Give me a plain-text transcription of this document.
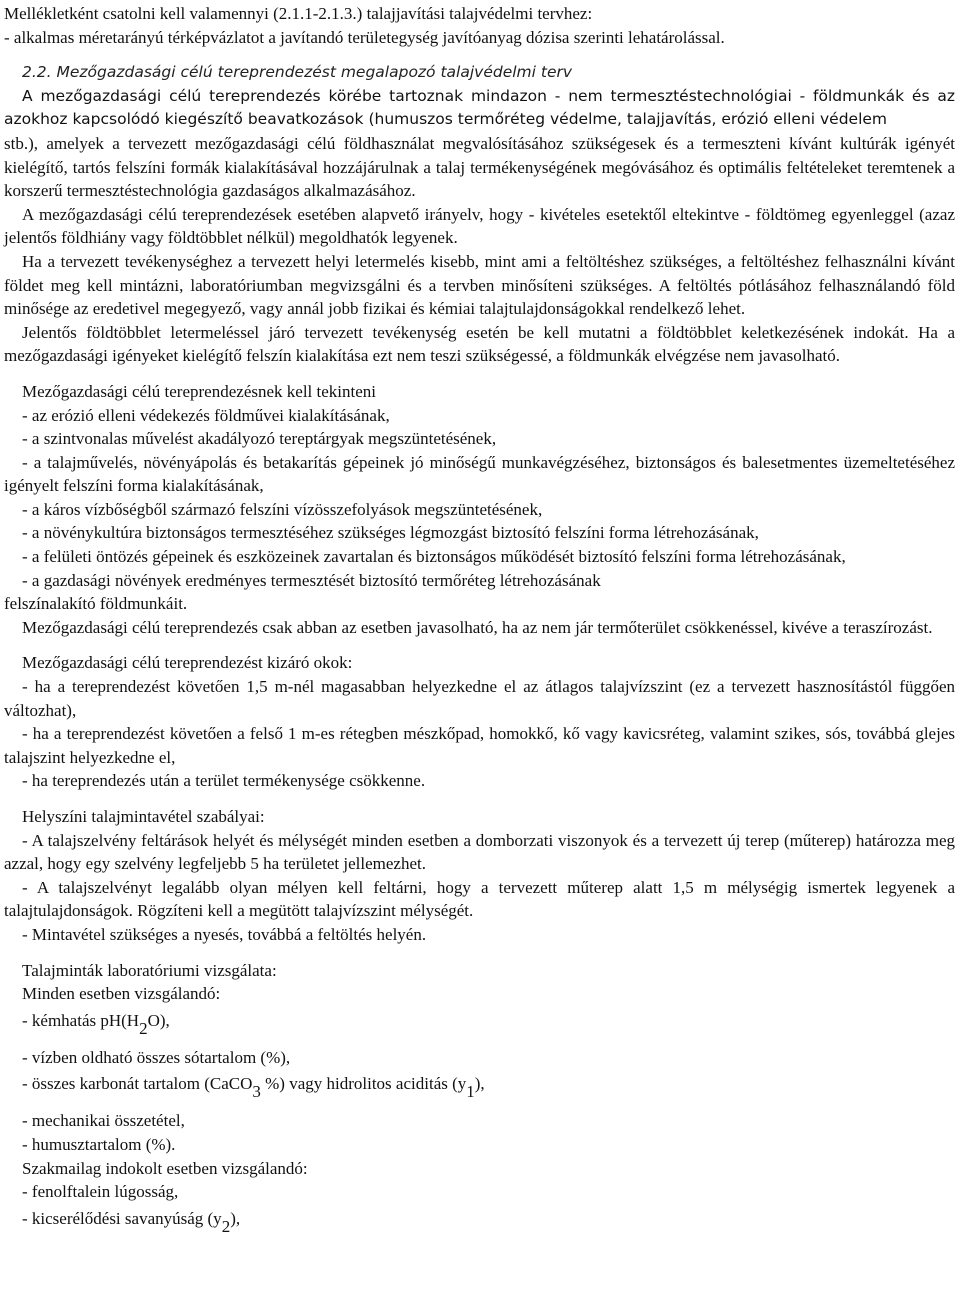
Mellékletként csatolni kell valamennyi (2.1.1-2.1.3.) talajjavítási talajvédelmi tervhez:

- alkalmas méretarányú térképvázlatot a javítandó területegység javítóanyag dózisa szerinti lehatárolással.

2.2. Mezőgazdasági célú tereprendezést megalapozó talajvédelmi terv

A mezőgazdasági célú tereprendezés körébe tartoznak mindazon - nem termesztéstechnológiai - földmunkák és az azokhoz kapcsolódó kiegészítő beavatkozások (humuszos termőréteg védelme, talajjavítás, erózió elleni védelem

stb.), amelyek a tervezett mezőgazdasági célú földhasználat megvalósításához szükségesek és a termeszteni kívánt kultúrák igényét kielégítő, tartós felszíni formák kialakításával hozzájárulnak a talaj termékenységének megóvásához és optimális feltételeket teremtenek a korszerű termesztéstechnológia gazdaságos alkalmazásához.

A mezőgazdasági célú tereprendezések esetében alapvető irányelv, hogy - kivételes esetektől eltekintve - földtömeg egyenleggel (azaz jelentős földhiány vagy földtöbblet nélkül) megoldhatók legyenek.

Ha a tervezett tevékenységhez a tervezett helyi letermelés kisebb, mint ami a feltöltéshez szükséges, a feltöltéshez felhasználni kívánt földet meg kell mintázni, laboratóriumban megvizsgálni és a tervben minősíteni szükséges. A feltöltés pótlásához felhasználandó föld minősége az eredetivel megegyező, vagy annál jobb fizikai és kémiai talajtulajdonságokkal rendelkező lehet.

Jelentős földtöbblet letermeléssel járó tervezett tevékenység esetén be kell mutatni a földtöbblet keletkezésének indokát. Ha a mezőgazdasági igényeket kielégítő felszín kialakítása ezt nem teszi szükségessé, a földmunkák elvégzése nem javasolható.

Mezőgazdasági célú tereprendezésnek kell tekinteni

- az erózió elleni védekezés földművei kialakításának,

- a szintvonalas művelést akadályozó tereptárgyak megszüntetésének,

- a talajművelés, növényápolás és betakarítás gépeinek jó minőségű munkavégzéséhez, biztonságos és balesetmentes üzemeltetéséhez igényelt felszíni forma kialakításának,

- a káros vízbőségből származó felszíni vízösszefolyások megszüntetésének,

- a növénykultúra biztonságos termesztéséhez szükséges légmozgást biztosító felszíni forma létrehozásának,

- a felületi öntözés gépeinek és eszközeinek zavartalan és biztonságos működését biztosító felszíni forma létrehozásának,

- a gazdasági növények eredményes termesztését biztosító termőréteg létrehozásának

felszínalakító földmunkáit.

Mezőgazdasági célú tereprendezés csak abban az esetben javasolható, ha az nem jár termőterület csökkenéssel, kivéve a teraszírozást.

Mezőgazdasági célú tereprendezést kizáró okok:

- ha a tereprendezést követően 1,5 m-nél magasabban helyezkedne el az átlagos talajvízszint (ez a tervezett hasznosítástól függően változhat),

- ha a tereprendezést követően a felső 1 m-es rétegben mészkőpad, homokkő, kő vagy kavicsréteg, valamint szikes, sós, továbbá glejes talajszint helyezkedne el,

- ha tereprendezés után a terület termékenysége csökkenne.

Helyszíni talajmintavétel szabályai:

- A talajszelvény feltárások helyét és mélységét minden esetben a domborzati viszonyok és a tervezett új terep (műterep) határozza meg azzal, hogy egy szelvény legfeljebb 5 ha területet jellemezhet.

- A talajszelvényt legalább olyan mélyen kell feltárni, hogy a tervezett műterep alatt 1,5 m mélységig ismertek legyenek a talajtulajdonságok. Rögzíteni kell a megütött talajvízszint mélységét.

- Mintavétel szükséges a nyesés, továbbá a feltöltés helyén.

Talajminták laboratóriumi vizsgálata:

Minden esetben vizsgálandó:

- kémhatás $pH(H_2O)$,

- vízben oldható összes sótartalom (%),

- összes karbonát tartalom (CaCO$_3$ %) vagy hidrolitos aciditás $(y_1)$,

- mechanikai összetétel,

- humusztartalom (%).

Szakmailag indokolt esetben vizsgálandó:

- fenolftalein lúgosság,

- kicserélődési savanyúság $(y_2)$,
